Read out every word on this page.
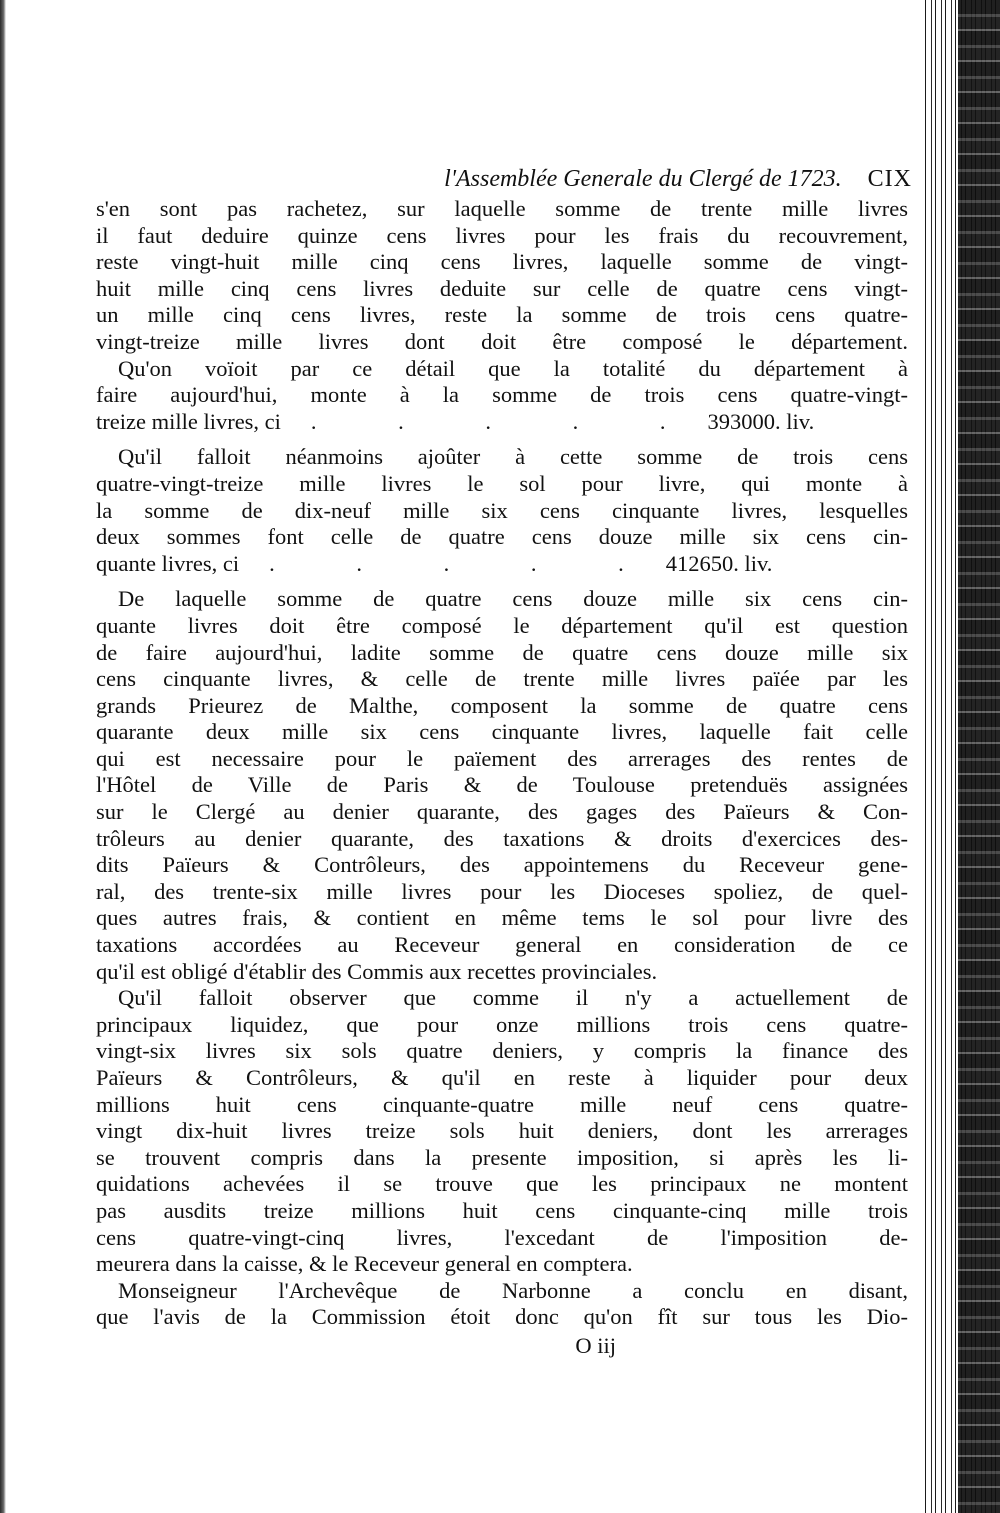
l'Assemblée Generale du Clergé de 1723. CIX
s'en sont pas rachetez, sur laquelle somme de trente mille livres
il faut deduire quinze cens livres pour les frais du recouvrement,
reste vingt-huit mille cinq cens livres, laquelle somme de vingt-
huit mille cinq cens livres deduite sur celle de quatre cens vingt-
un mille cinq cens livres, reste la somme de trois cens quatre-
vingt-treize mille livres dont doit être composé le département.
Qu'on voïoit par ce détail que la totalité du département à
faire aujourd'hui, monte à la somme de trois cens quatre-vingt-
treize mille livres, ci . . . . . 393000. liv.
Qu'il falloit néanmoins ajoûter à cette somme de trois cens
quatre-vingt-treize mille livres le sol pour livre, qui monte à
la somme de dix-neuf mille six cens cinquante livres, lesquelles
deux sommes font celle de quatre cens douze mille six cens cin-
quante livres, ci . . . . . 412650. liv.
De laquelle somme de quatre cens douze mille six cens cin-
quante livres doit être composé le département qu'il est question
de faire aujourd'hui, ladite somme de quatre cens douze mille six
cens cinquante livres, & celle de trente mille livres païée par les
grands Prieurez de Malthe, composent la somme de quatre cens
quarante deux mille six cens cinquante livres, laquelle fait celle
qui est necessaire pour le païement des arrerages des rentes de
l'Hôtel de Ville de Paris & de Toulouse pretenduës assignées
sur le Clergé au denier quarante, des gages des Païeurs & Con-
trôleurs au denier quarante, des taxations & droits d'exercices des-
dits Païeurs & Contrôleurs, des appointemens du Receveur gene-
ral, des trente-six mille livres pour les Dioceses spoliez, de quel-
ques autres frais, & contient en même tems le sol pour livre des
taxations accordées au Receveur general en consideration de ce
qu'il est obligé d'établir des Commis aux recettes provinciales.
Qu'il falloit observer que comme il n'y a actuellement de
principaux liquidez, que pour onze millions trois cens quatre-
vingt-six livres six sols quatre deniers, y compris la finance des
Païeurs & Contrôleurs, & qu'il en reste à liquider pour deux
millions huit cens cinquante-quatre mille neuf cens quatre-
vingt dix-huit livres treize sols huit deniers, dont les arrerages
se trouvent compris dans la presente imposition, si après les li-
quidations achevées il se trouve que les principaux ne montent
pas ausdits treize millions huit cens cinquante-cinq mille trois
cens quatre-vingt-cinq livres, l'excedant de l'imposition de-
meurera dans la caisse, & le Receveur general en comptera.
Monseigneur l'Archevêque de Narbonne a conclu en disant,
que l'avis de la Commission étoit donc qu'on fît sur tous les Dio-
O iij
